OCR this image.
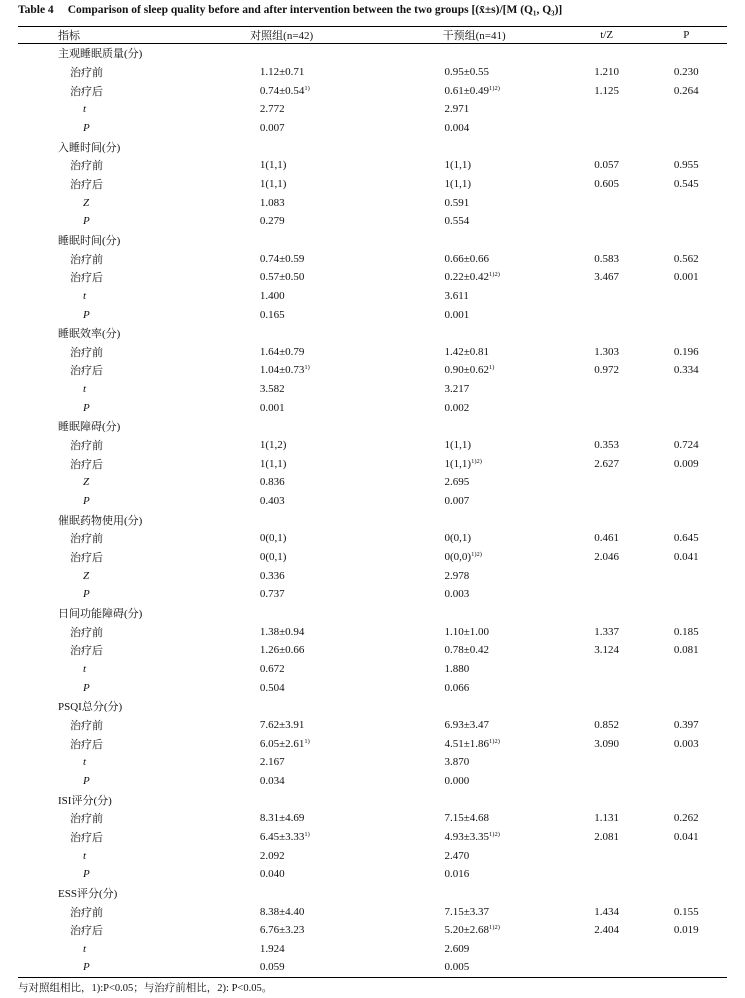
Table 4 Comparison of sleep quality before and after intervention between the two groups [(x̄±s)/[M (Q₁, Q₃)]
指标	对照组(n=42)	干预组(n=41)	t/Z	P
主观睡眠质量(分)				
治疗前	1.12±0.71	0.95±0.55	1.210	0.230
治疗后	$0.74\pm 0.54^{1)}$	$0.61\pm 0.49^{1)2)}$	1.125	0.264
t	2.772	2.971		
P	0.007	0.004		
入睡时间(分)				
治疗前	1(1,1)	1(1,1)	0.057	0.955
治疗后	1(1,1)	1(1,1)	0.605	0.545
Z	1.083	0.591		
P	0.279	0.554		
睡眠时间(分)				
治疗前	0.74±0.59	0.66±0.66	0.583	0.562
治疗后	0.57±0.50	$0.22\pm 0.42^{1)2)}$	3.467	0.001
t	1.400	3.611		
P	0.165	0.001		
睡眠效率(分)				
治疗前	1.64±0.79	1.42±0.81	1.303	0.196
治疗后	$1.04\pm 0.73^{1)}$	$0.90\pm 0.62^{1)}$	0.972	0.334
t	3.582	3.217		
P	0.001	0.002		
睡眠障碍(分)				
治疗前	1(1,2)	1(1,1)	0.353	0.724
治疗后	1(1,1)	$1(1,1)^{1)2)}$	2.627	0.009
Z	0.836	2.695		
P	0.403	0.007		
催眠药物使用(分)				
治疗前	0(0,1)	0(0,1)	0.461	0.645
治疗后	0(0,1)	$0(0,0)^{1)2)}$	2.046	0.041
Z	0.336	2.978		
P	0.737	0.003		
日间功能障碍(分)				
治疗前	1.38±0.94	1.10±1.00	1.337	0.185
治疗后	1.26±0.66	0.78±0.42	3.124	0.081
t	0.672	1.880		
P	0.504	0.066		
PSQI总分(分)				
治疗前	7.62±3.91	6.93±3.47	0.852	0.397
治疗后	$6.05\pm 2.61^{1)}$	$4.51\pm 1.86^{1)2)}$	3.090	0.003
t	2.167	3.870		
P	0.034	0.000		
ISI评分(分)				
治疗前	8.31±4.69	7.15±4.68	1.131	0.262
治疗后	$6.45\pm 3.33^{1)}$	$4.93\pm 3.35^{1)2)}$	2.081	0.041
t	2.092	2.470		
P	0.040	0.016		
ESS评分(分)				
治疗前	8.38±4.40	7.15±3.37	1.434	0.155
治疗后	6.76±3.23	$5.20\pm 2.68^{1)2)}$	2.404	0.019
t	1.924	2.609		
P	0.059	0.005		
与对照组相比，1):P<0.05；与治疗前相比，2): P<0.05。
